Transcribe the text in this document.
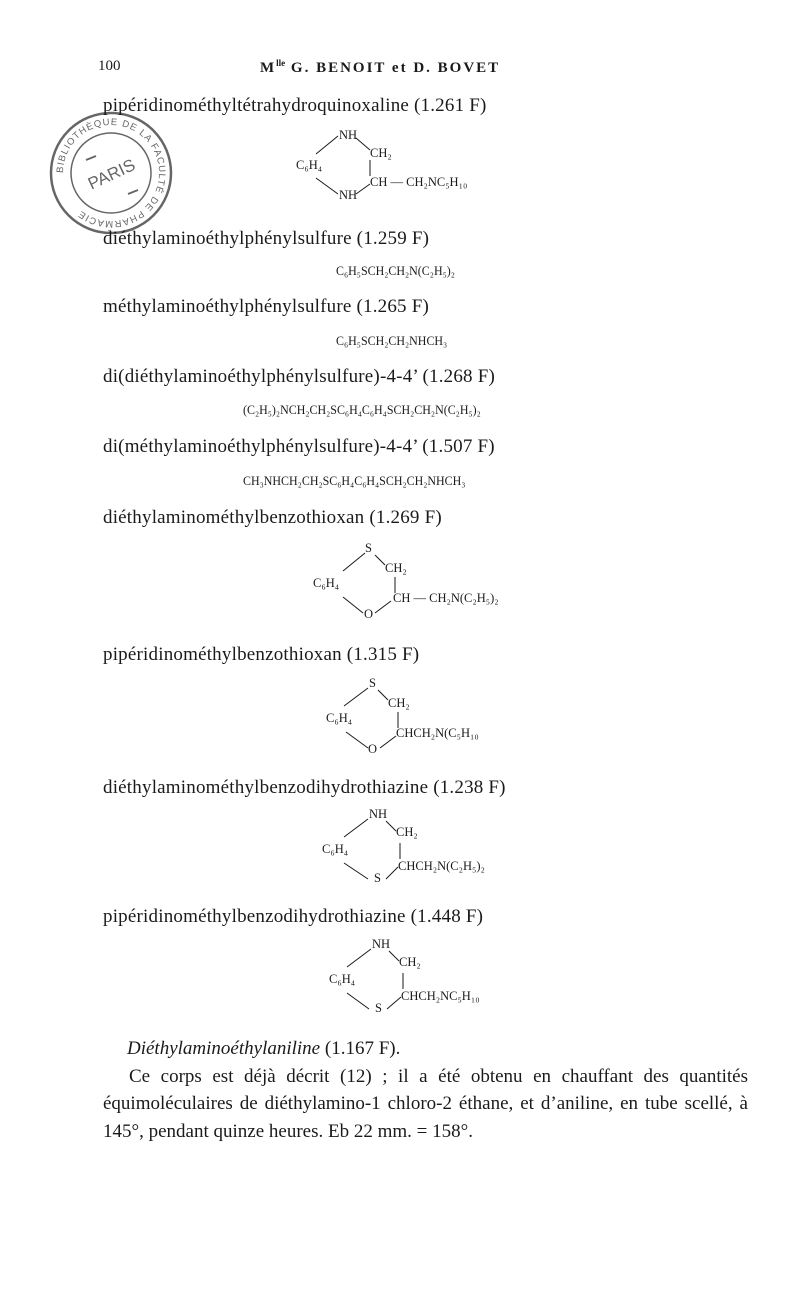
100	$M^{lle}$ G. BENOIT et D. BOVET
BIBLIOTHÈQUE DE LA FACULTÉ DE PHARMACIE
PARIS
pipéridinométhyltétrahydroquinoxaline (1.261 F)
NH
CH₂
C₆H₄
CH — CH₂NC₅H₁₀
NH
diéthylaminoéthylphénylsulfure (1.259 F)
C₆H₅SCH₂CH₂N(C₂H₅)₂
méthylaminoéthylphénylsulfure (1.265 F)
C₆H₅SCH₂CH₂NHCH₃
di(diéthylaminoéthylphénylsulfure)-4-4’ (1.268 F)
(C₂H₅)₂NCH₂CH₂SC₆H₄C₆H₄SCH₂CH₂N(C₂H₅)₂
di(méthylaminoéthylphénylsulfure)-4-4’ (1.507 F)
CH₃NHCH₂CH₂SC₆H₄C₆H₄SCH₂CH₂NHCH₃
diéthylaminométhylbenzothioxan (1.269 F)
S
CH₂
C₆H₄
CH — CH₂N(C₂H₅)₂
O
pipéridinométhylbenzothioxan (1.315 F)
S
CH₂
C₆H₄
CHCH₂N(C₅H₁₀
O
diéthylaminométhylbenzodihydrothiazine (1.238 F)
NH
CH₂
C₆H₄
CHCH₂N(C₂H₅)₂
S
pipéridinométhylbenzodihydrothiazine (1.448 F)
NH
CH₂
C₆H₄
CHCH₂NC₅H₁₀
S

Diéthylaminoéthylaniline (1.167 F).

Ce corps est déjà décrit (12) ; il a été obtenu en chauffant des quantités équimoléculaires de diéthylamino-1 chloro-2 éthane, et d’aniline, en tube scellé, à 145°, pendant quinze heures. Eb 22 mm. = 158°.
